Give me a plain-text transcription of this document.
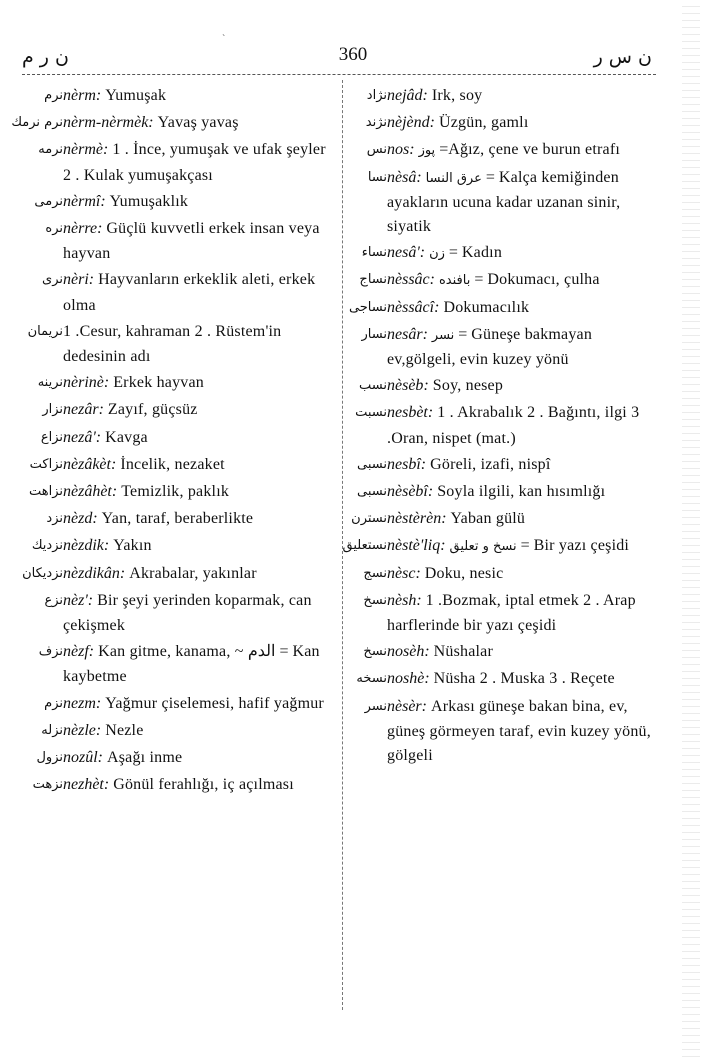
ˋ
ن ر م	360	ن س ر
نرم nèrm: Yumuşak
نرم نرمك nèrm-nèrmèk: Yavaş yavaş
نرمه nèrmè: 1 . İnce, yumuşak ve ufak şeyler 2 . Kulak yumuşakçası
نرمى nèrmî: Yumuşaklık
نره nèrre: Güçlü kuvvetli erkek insan veya hayvan
نرى nèri: Hayvanların erkeklik aleti, erkek olma
نريمان 1 .Cesur, kahraman 2 . Rüstem'in dedesinin adı
نرينه nèrinè: Erkek hayvan
نزار nezâr: Zayıf, güçsüz
نزاع nezâ': Kavga
نزاكت nèzâkèt: İncelik, nezaket
نزاهت nèzâhèt: Temizlik, paklık
نزد nèzd: Yan, taraf, beraberlikte
نزديك nèzdik: Yakın
نزديكان nèzdikân: Akrabalar, yakınlar
نزع nèz': Bir şeyi yerinden koparmak, can çekişmek
نزف nèzf: Kan gitme, kanama, ~ الدم = Kan kaybetme
نزم nezm: Yağmur çiselemesi, hafif yağmur
نزله nèzle: Nezle
نزول nozûl: Aşağı inme
نزهت nezhèt: Gönül ferahlığı, iç açılması
نژاد nejâd: Irk, soy
نژند nèjènd: Üzgün, gamlı
نس nos: پوز =Ağız, çene ve burun etrafı
نسا nèsâ: عرق النسا = Kalça kemiğinden ayakların ucuna kadar uzanan sinir, siyatik
نساء nesâ': زن = Kadın
نساج nèssâc: بافنده = Dokumacı, çulha
نساجى nèssâcî: Dokumacılık
نسار nesâr: نسر = Güneşe bakmayan ev,gölgeli, evin kuzey yönü
نسب nèsèb: Soy, nesep
نسبت nesbèt: 1 . Akrabalık 2 . Bağıntı, ilgi 3 .Oran, nispet (mat.)
نسبى nesbî: Göreli, izafi, nispî
نسبى nèsèbî: Soyla ilgili, kan hısımlığı
نسترن nèstèrèn: Yaban gülü
نستعليق nèstè'liq: نسخ و تعليق = Bir yazı çeşidi
نسج nèsc: Doku, nesic
نسخ nèsh: 1 .Bozmak, iptal etmek 2 . Arap harflerinde bir yazı çeşidi
نسخ nosèh: Nüshalar
نسخه noshè: Nüsha 2 . Muska 3 . Reçete
نسر nèsèr: Arkası güneşe bakan bina, ev, güneş görmeyen taraf, evin kuzey yönü, gölgeli
